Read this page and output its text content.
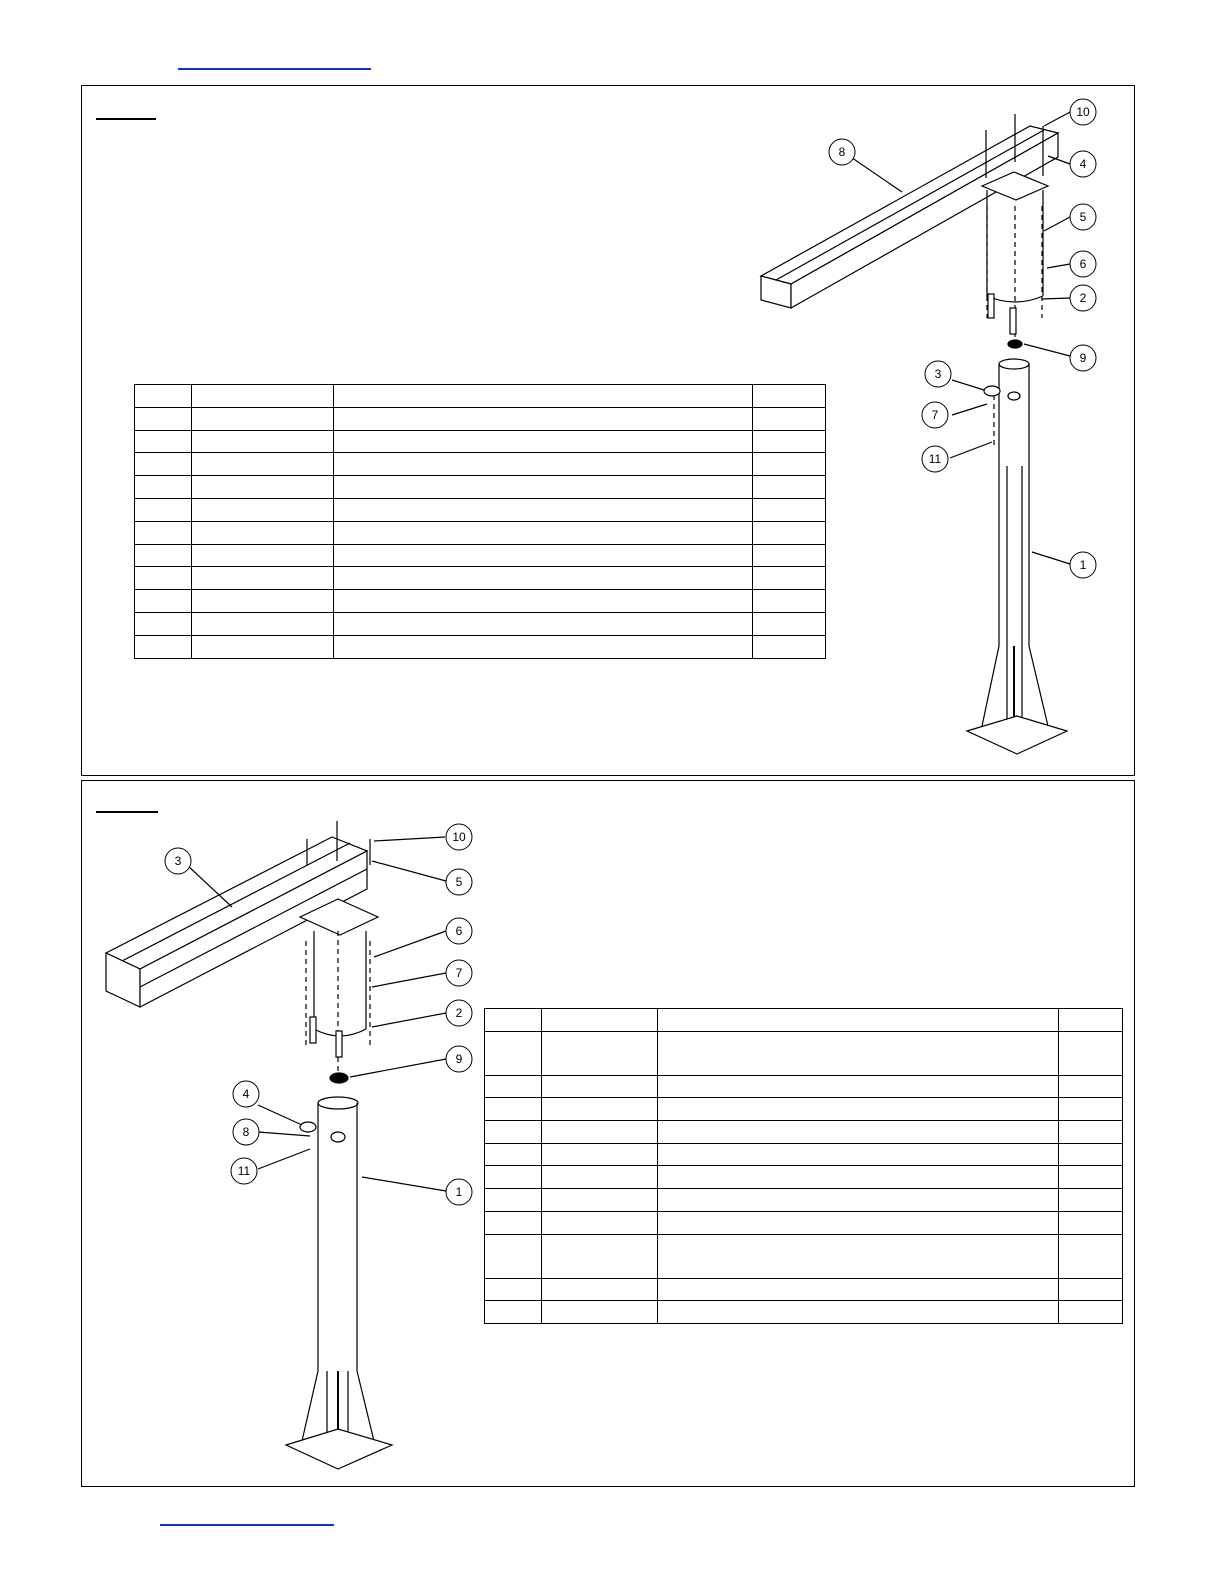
10
8
4
5
6
2
9
3
7
11
1

10
3
5
6
7
2
9
4
8
11
1
